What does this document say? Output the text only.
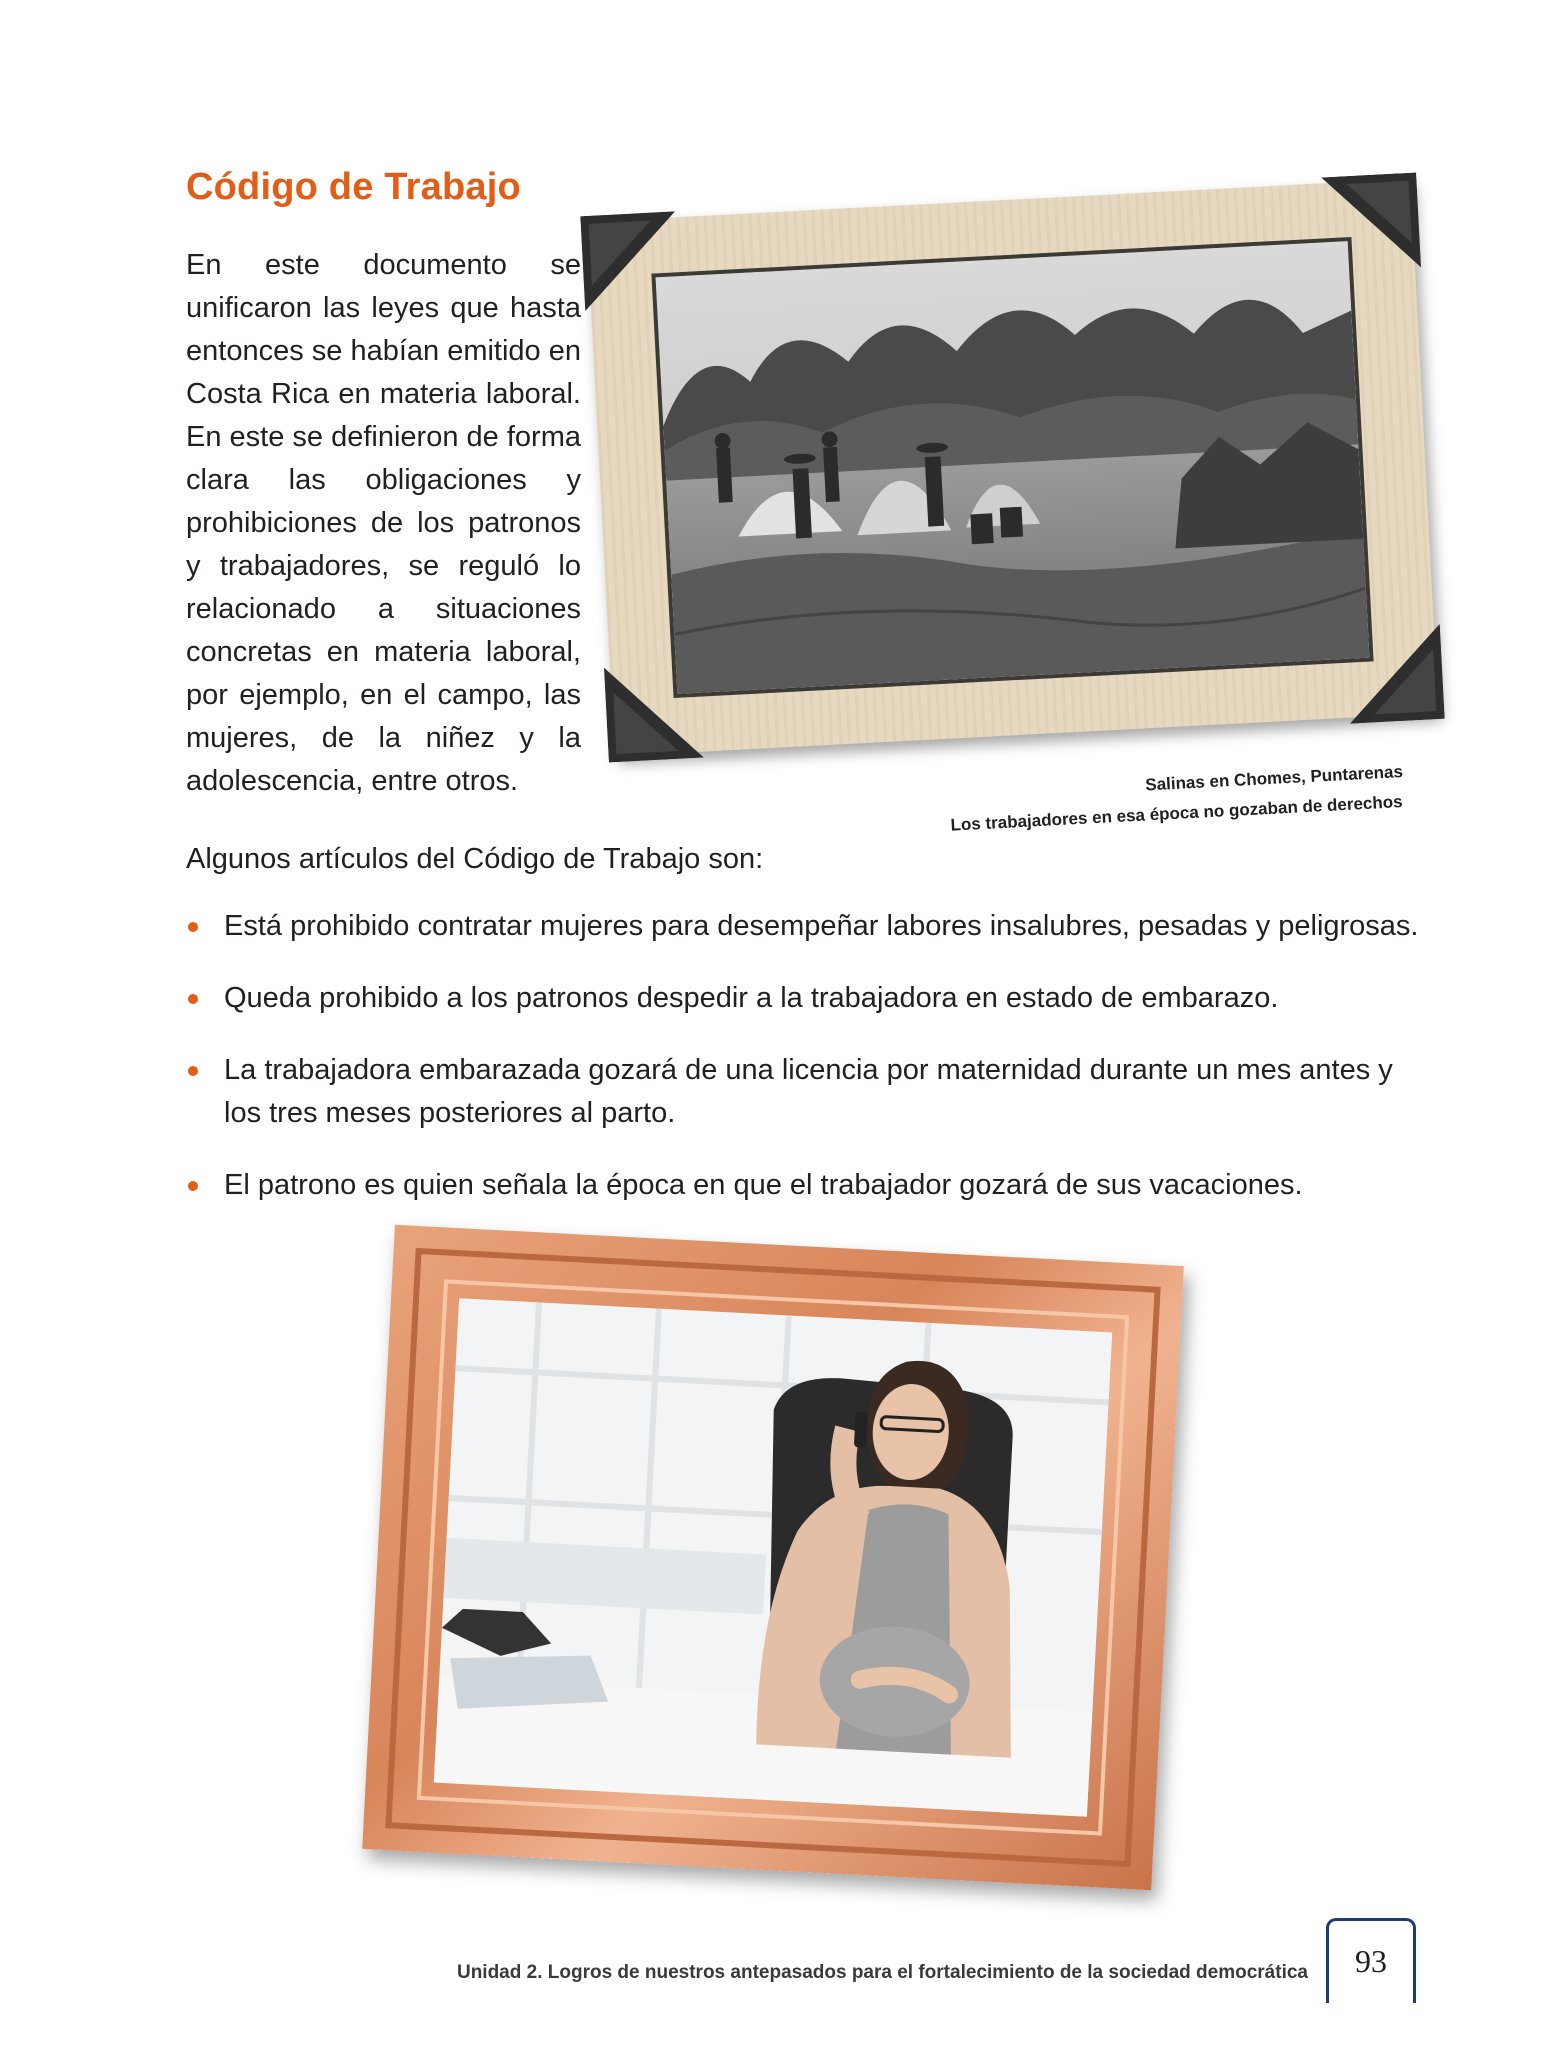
Código de Trabajo

En este documento se unificaron las leyes que hasta entonces se habían emitido en Costa Rica en materia laboral. En este se definieron de forma clara las obligaciones y prohibiciones de los patronos y trabajadores, se reguló lo relacionado a situaciones concretas en materia laboral, por ejemplo, en el campo, las mujeres, de la niñez y la adolescencia, entre otros.	Salinas en Chomes, Puntarenas
Los trabajadores en esa época no gozaban de derechos

Algunos artículos del Código de Trabajo son:

Está prohibido contratar mujeres para desempeñar labores insalubres, pesadas y peligrosas.
Queda prohibido a los patronos despedir a la trabajadora en estado de embarazo.
La trabajadora embarazada gozará de una licencia por maternidad durante un mes antes y los tres meses posteriores al parto.
El patrono es quien señala la época en que el trabajador gozará de sus vacaciones.

Unidad 2. Logros de nuestros antepasados para el fortalecimiento de la sociedad democrática	93
